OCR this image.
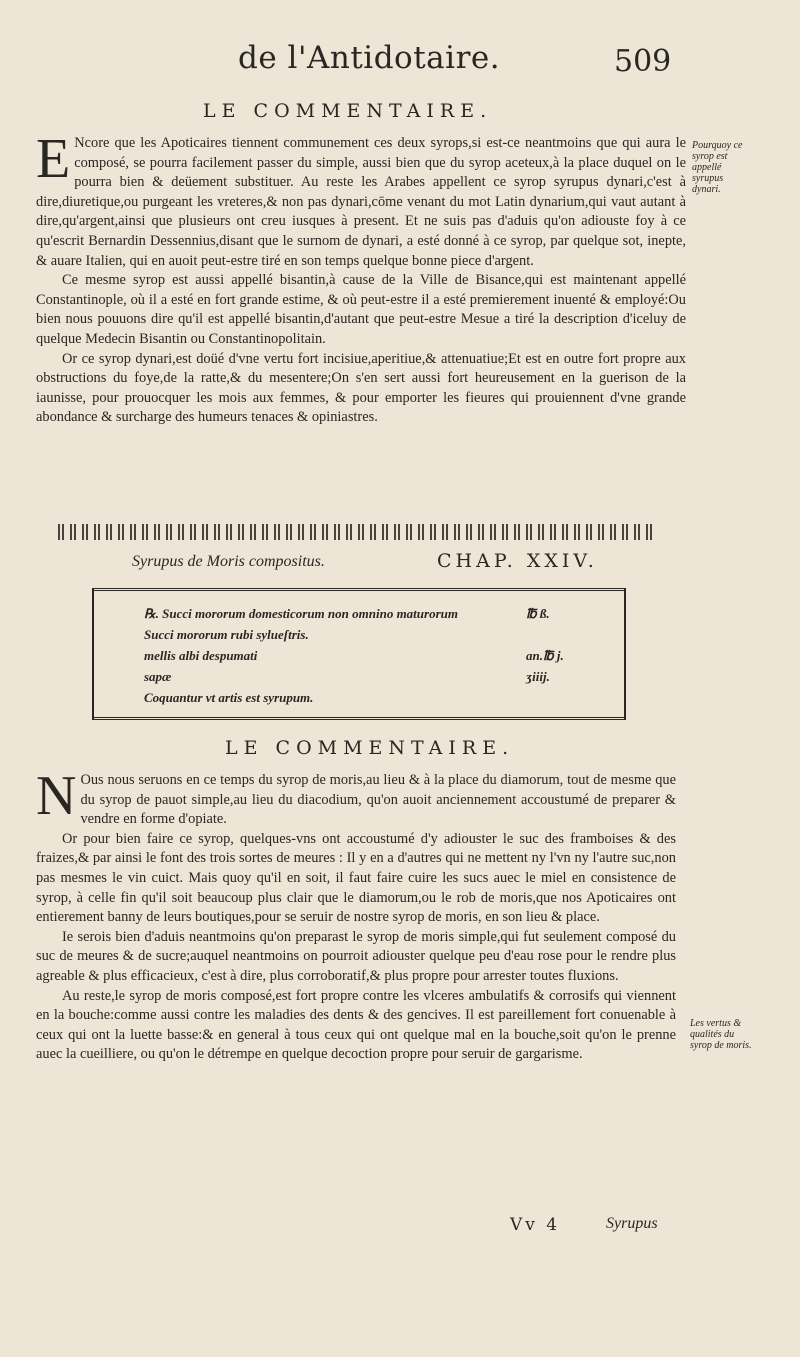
de l'Antidotaire.	509
LE COMMENTAIRE.

E Ncore que les Apoticaires tiennent communement ces deux syrops,si est-ce neantmoins que qui aura le composé, se pourra facilement passer du simple, aussi bien que du syrop aceteux,à la place duquel on le pourra bien & deüement substituer. Au reste les Arabes appellent ce syrop syrupus dynari,c'est à dire,diuretique,ou purgeant les vreteres,& non pas dynari,cōme venant du mot Latin dynarium,qui vaut autant à dire,qu'argent,ainsi que plusieurs ont creu iusques à present. Et ne suis pas d'aduis qu'on adiouste foy à ce qu'escrit Bernardin Dessennius,disant que le surnom de dynari, a esté donné à ce syrop, par quelque sot, inepte, & auare Italien, qui en auoit peut-estre tiré en son temps quelque bonne piece d'argent.

Ce mesme syrop est aussi appellé bisantin,à cause de la Ville de Bisance,qui est maintenant appellé Constantinople, où il a esté en fort grande estime, & où peut-estre il a esté premierement inuenté & employé:Ou bien nous pouuons dire qu'il est appellé bisantin,d'autant que peut-estre Mesue a tiré la description d'iceluy de quelque Medecin Bisantin ou Constantinopolitain.

Or ce syrop dynari,est doüé d'vne vertu fort incisiue,aperitiue,& attenuatiue;Et est en outre fort propre aux obstructions du foye,de la ratte,& du mesentere;On s'en sert aussi fort heureusement en la guerison de la iaunisse, pour prouocquer les mois aux femmes, & pour emporter les fieures qui prouiennent d'vne grande abondance & surcharge des humeurs tenaces & opiniastres.

Pourquoy ce syrop est appellé syrupus dynari.
Syrupus de Moris compositus.	CHAP. XXIV.
℞. Succi mororum domesticorum non omnino maturorum	℔ ß.
Succi mororum rubi sylueſtris.
mellis albi despumati	an.℔ j.
sapæ	ʒiiij.
Coquantur vt artis est syrupum.
LE COMMENTAIRE.

N Ous nous seruons en ce temps du syrop de moris,au lieu & à la place du diamorum, tout de mesme que du syrop de pauot simple,au lieu du diacodium, qu'on auoit anciennement accoustumé de preparer & vendre en forme d'opiate.

Or pour bien faire ce syrop, quelques-vns ont accoustumé d'y adiouster le suc des framboises & des fraizes,& par ainsi le font des trois sortes de meures : Il y en a d'autres qui ne mettent ny l'vn ny l'autre suc,non pas mesmes le vin cuict. Mais quoy qu'il en soit, il faut faire cuire les sucs auec le miel en consistence de syrop, à celle fin qu'il soit beaucoup plus clair que le diamorum,ou le rob de moris,que nos Apoticaires ont entierement banny de leurs boutiques,pour se seruir de nostre syrop de moris, en son lieu & place.

Ie serois bien d'aduis neantmoins qu'on preparast le syrop de moris simple,qui fut seulement composé du suc de meures & de sucre;auquel neantmoins on pourroit adiouster quelque peu d'eau rose pour le rendre plus agreable & plus efficacieux, c'est à dire, plus corroboratif,& plus propre pour arrester toutes fluxions.

Au reste,le syrop de moris composé,est fort propre contre les vlceres ambulatifs & corrosifs qui viennent en la bouche:comme aussi contre les maladies des dents & des gencives. Il est pareillement fort conuenable à ceux qui ont la luette basse:& en general à tous ceux qui ont quelque mal en la bouche,soit qu'on le prenne auec la cueilliere, ou qu'on le détrempe en quelque decoction propre pour seruir de gargarisme.

Les vertus & qualités du syrop de moris.
Vv 4	Syrupus
